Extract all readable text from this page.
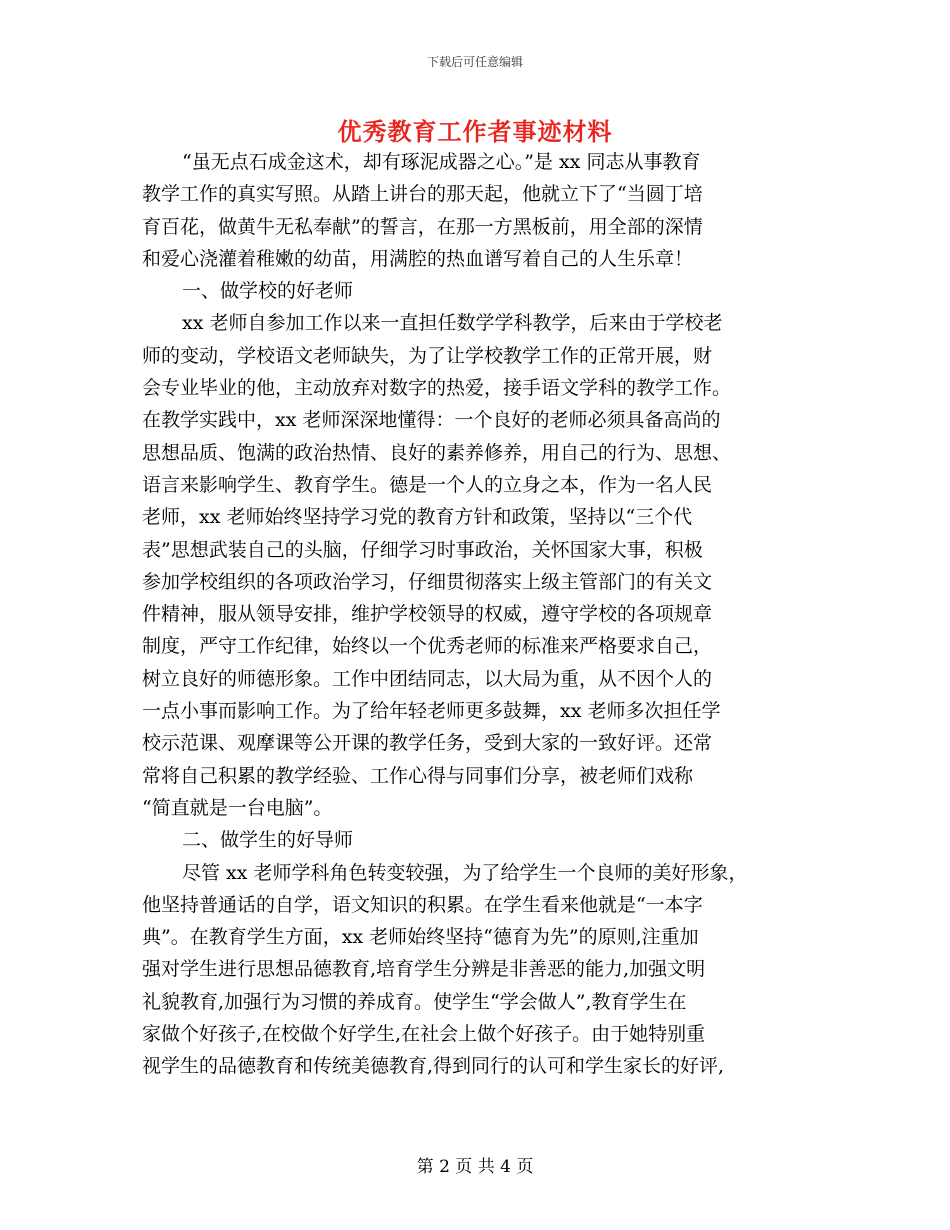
下载后可任意编辑
优秀教育工作者事迹材料
“虽无点石成金这术，却有琢泥成器之心。”是 xx 同志从事教育
教学工作的真实写照。从踏上讲台的那天起，他就立下了“当圆丁培
育百花，做黄牛无私奉献”的誓言，在那一方黑板前，用全部的深情
和爱心浇灌着稚嫩的幼苗，用满腔的热血谱写着自己的人生乐章！
一、做学校的好老师
xx 老师自参加工作以来一直担任数学学科教学，后来由于学校老
师的变动，学校语文老师缺失，为了让学校教学工作的正常开展，财
会专业毕业的他，主动放弃对数字的热爱，接手语文学科的教学工作。
在教学实践中，xx 老师深深地懂得：一个良好的老师必须具备高尚的
思想品质、饱满的政治热情、良好的素养修养，用自己的行为、思想、
语言来影响学生、教育学生。德是一个人的立身之本，作为一名人民
老师，xx 老师始终坚持学习党的教育方针和政策，坚持以“三个代
表”思想武装自己的头脑，仔细学习时事政治，关怀国家大事，积极
参加学校组织的各项政治学习，仔细贯彻落实上级主管部门的有关文
件精神，服从领导安排，维护学校领导的权威，遵守学校的各项规章
制度，严守工作纪律，始终以一个优秀老师的标准来严格要求自己，
树立良好的师德形象。工作中团结同志，以大局为重，从不因个人的
一点小事而影响工作。为了给年轻老师更多鼓舞，xx 老师多次担任学
校示范课、观摩课等公开课的教学任务，受到大家的一致好评。还常
常将自己积累的教学经验、工作心得与同事们分享，被老师们戏称
“简直就是一台电脑”。
二、做学生的好导师
尽管 xx 老师学科角色转变较强，为了给学生一个良师的美好形象，
他坚持普通话的自学，语文知识的积累。在学生看来他就是“一本字
典”。在教育学生方面，xx 老师始终坚持“德育为先”的原则,注重加
强对学生进行思想品德教育,培育学生分辨是非善恶的能力,加强文明
礼貌教育,加强行为习惯的养成育。使学生“学会做人”,教育学生在
家做个好孩子,在校做个好学生,在社会上做个好孩子。由于她特别重
视学生的品德教育和传统美德教育,得到同行的认可和学生家长的好评,
第 2 页 共 4 页
